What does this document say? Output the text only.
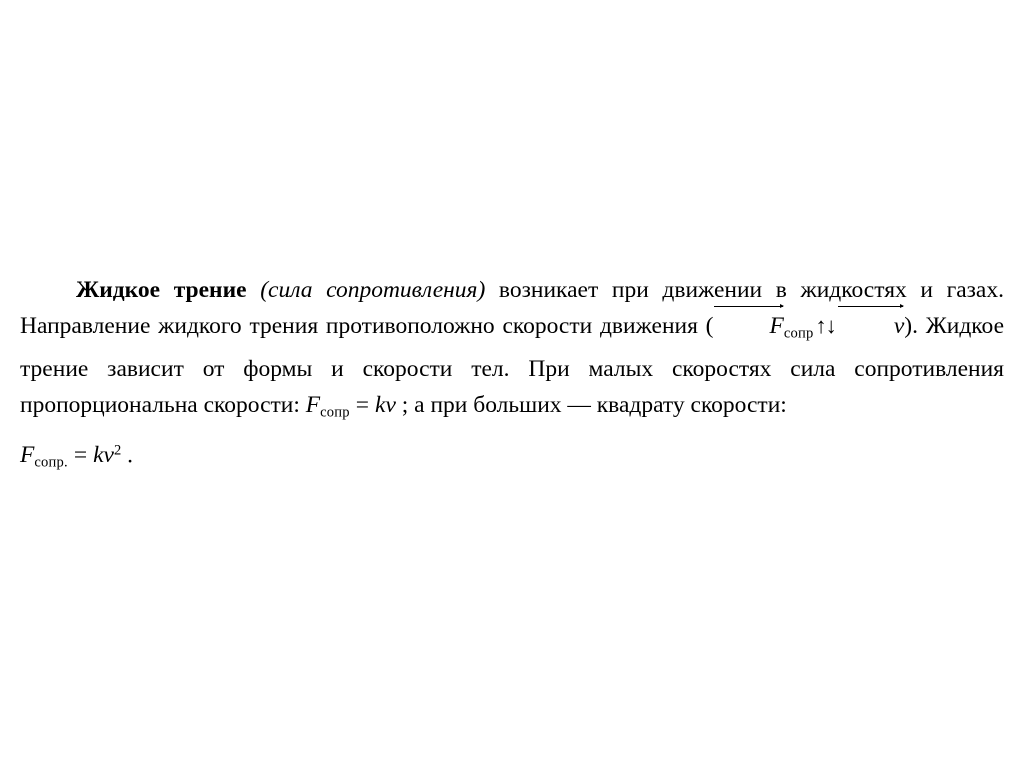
Жидкое трение (сила сопротивления) возникает при движении в жидкостях и газах. Направление жидкого трения противоположно скорости движения ( $F_{сопр}↑↓$ v). Жидкое трение зависит от формы и скорости тел. При малых скоростях сила сопротивления пропорциональна скорости: $F_{сопр}$ = kv ; а при больших — квадрату скорости:

$F_{сопр.} = kv^2$ .
